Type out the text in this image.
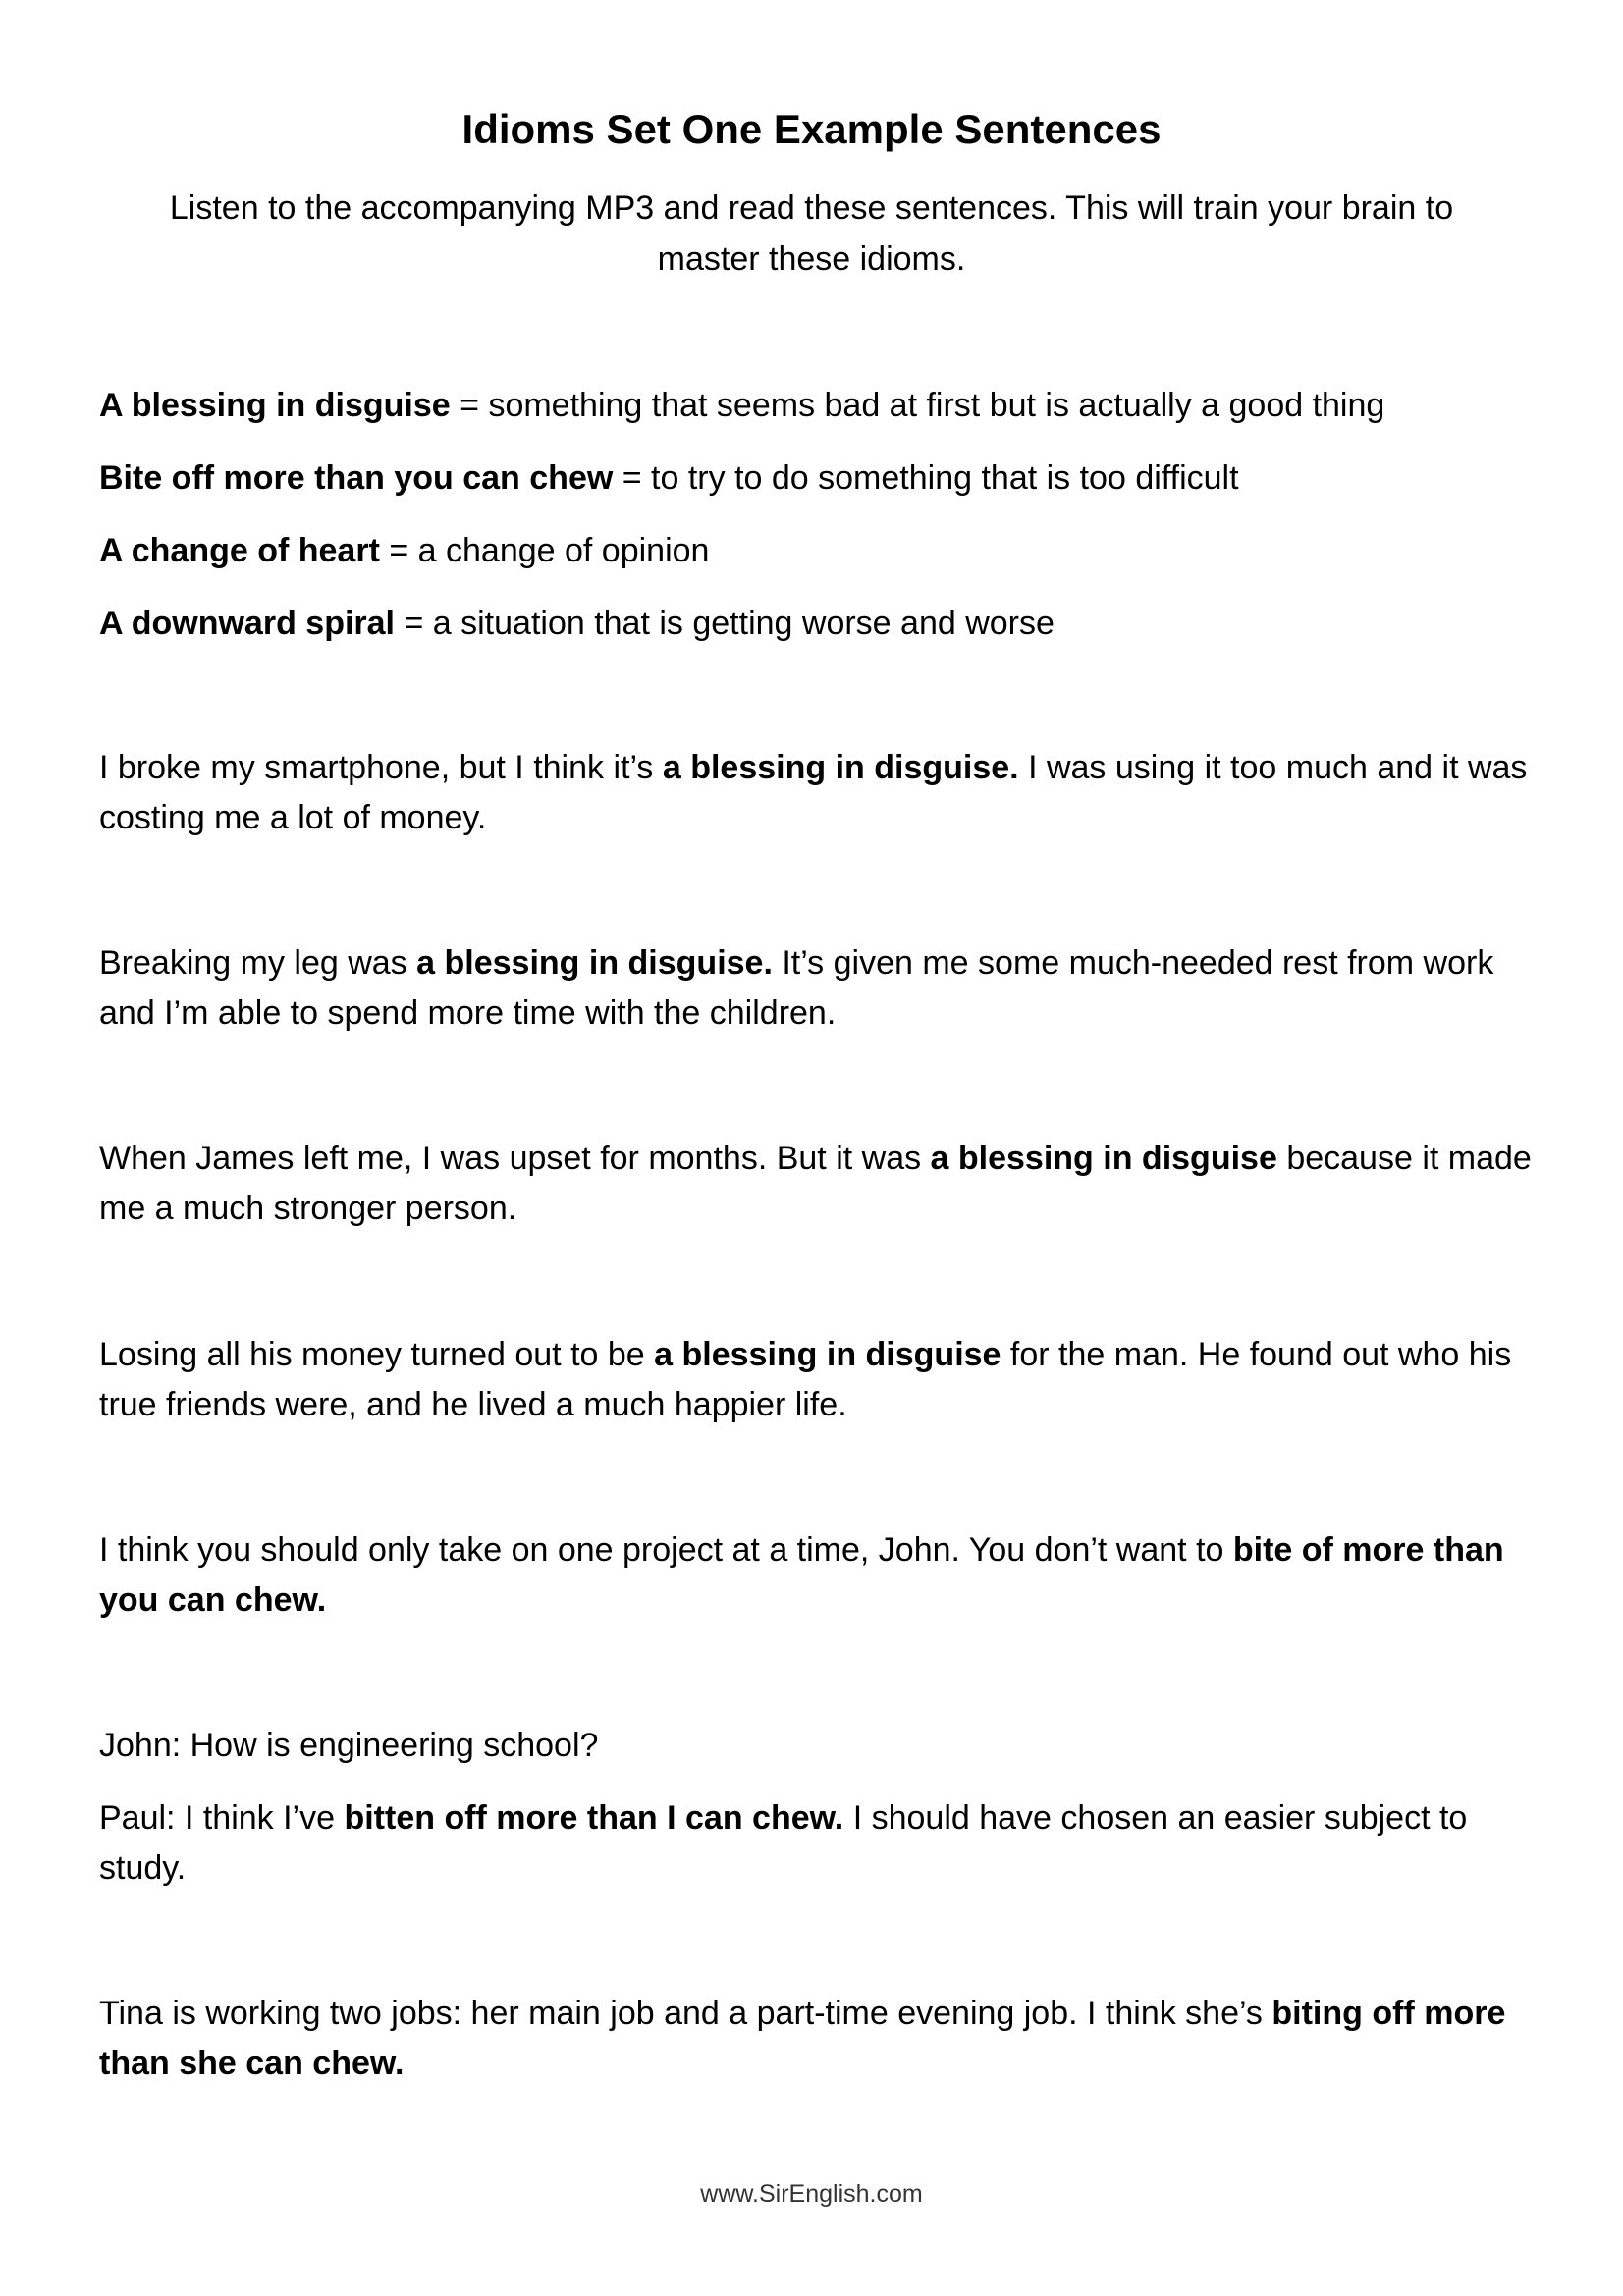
Idioms Set One Example Sentences

Listen to the accompanying MP3 and read these sentences. This will train your brain to master these idioms.

A blessing in disguise = something that seems bad at first but is actually a good thing

Bite off more than you can chew = to try to do something that is too difficult

A change of heart = a change of opinion

A downward spiral = a situation that is getting worse and worse

I broke my smartphone, but I think it’s a blessing in disguise. I was using it too much and it was costing me a lot of money.

Breaking my leg was a blessing in disguise. It’s given me some much-needed rest from work and I’m able to spend more time with the children.

When James left me, I was upset for months. But it was a blessing in disguise because it made me a much stronger person.

Losing all his money turned out to be a blessing in disguise for the man. He found out who his true friends were, and he lived a much happier life.

I think you should only take on one project at a time, John. You don’t want to bite of more than you can chew.

John: How is engineering school?

Paul: I think I’ve bitten off more than I can chew. I should have chosen an easier subject to study.

Tina is working two jobs: her main job and a part-time evening job. I think she’s biting off more than she can chew.

www.SirEnglish.com
